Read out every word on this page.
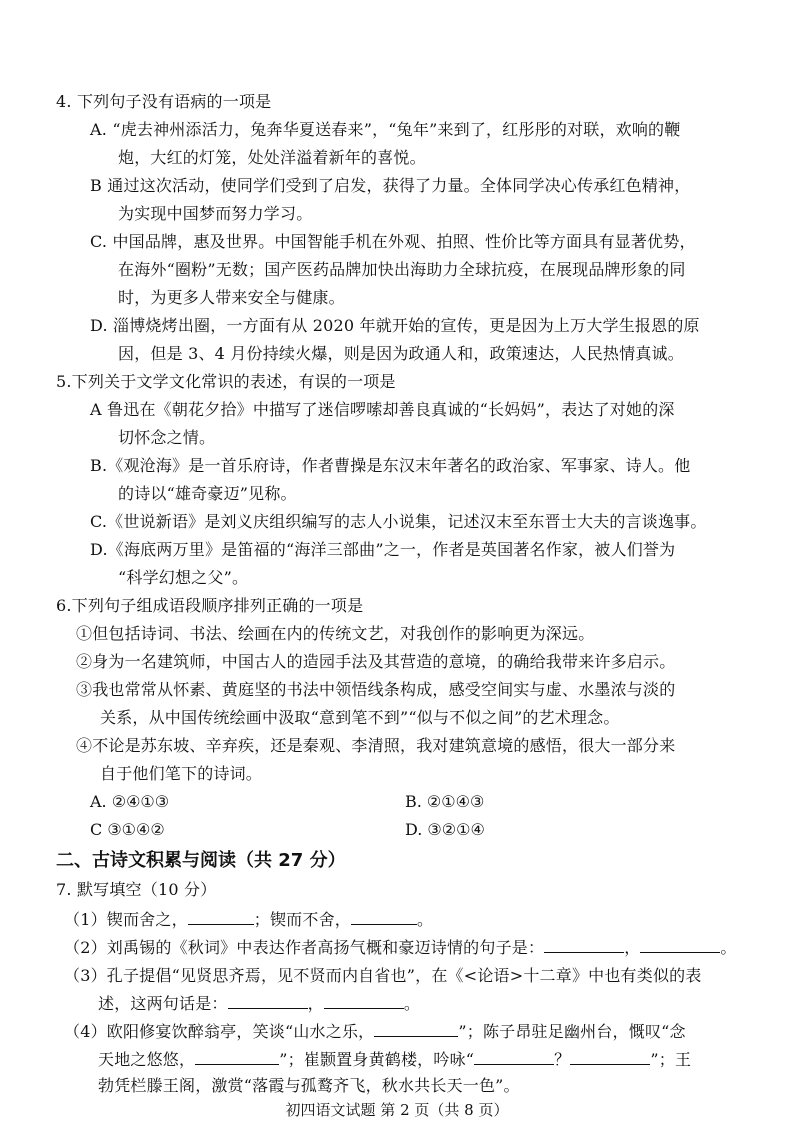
4. 下列句子没有语病的一项是
A. “虎去神州添活力，兔奔华夏送春来”，“兔年”来到了，红彤彤的对联，欢响的鞭
炮，大红的灯笼，处处洋溢着新年的喜悦。
B 通过这次活动，使同学们受到了启发，获得了力量。全体同学决心传承红色精神，
为实现中国梦而努力学习。
C. 中国品牌，惠及世界。中国智能手机在外观、拍照、性价比等方面具有显著优势，
在海外“圈粉”无数；国产医药品牌加快出海助力全球抗疫，在展现品牌形象的同
时，为更多人带来安全与健康。
D. 淄博烧烤出圈，一方面有从 2020 年就开始的宣传，更是因为上万大学生报恩的原
因，但是 3、4 月份持续火爆，则是因为政通人和，政策速达，人民热情真诚。
5.下列关于文学文化常识的表述，有误的一项是
A 鲁迅在《朝花夕拾》中描写了迷信啰嗦却善良真诚的“长妈妈”，表达了对她的深
切怀念之情。
B.《观沧海》是一首乐府诗，作者曹操是东汉末年著名的政治家、军事家、诗人。他
的诗以“雄奇豪迈”见称。
C.《世说新语》是刘义庆组织编写的志人小说集，记述汉末至东晋士大夫的言谈逸事。
D.《海底两万里》是笛福的“海洋三部曲”之一，作者是英国著名作家，被人们誉为
“科学幻想之父”。
6.下列句子组成语段顺序排列正确的一项是
①但包括诗词、书法、绘画在内的传统文艺，对我创作的影响更为深远。
②身为一名建筑师，中国古人的造园手法及其营造的意境，的确给我带来许多启示。
③我也常常从怀素、黄庭坚的书法中领悟线条构成，感受空间实与虚、水墨浓与淡的
关系，从中国传统绘画中汲取“意到笔不到”“似与不似之间”的艺术理念。
④不论是苏东坡、辛弃疾，还是秦观、李清照，我对建筑意境的感悟，很大一部分来
自于他们笔下的诗词。
A. ②④①③	B. ②①④③
C ③①④②	D. ③②①④
二、古诗文积累与阅读（共 27 分）
7. 默写填空（10 分）
（1）锲而舍之，	；锲而不舍，	。
（2）刘禹锡的《秋词》中表达作者高扬气概和豪迈诗情的句子是：	，	。
（3）孔子提倡“见贤思齐焉，见不贤而内自省也”，在《<论语>十二章》中也有类似的表
述，这两句话是：	，	。
（4）欧阳修宴饮醉翁亭，笑谈“山水之乐，	”；陈子昂驻足幽州台，慨叹“念
天地之悠悠，	”；崔颢置身黄鹤楼，吟咏“	？	”；王
勃凭栏滕王阁，激赏“落霞与孤鹜齐飞，秋水共长天一色”。
初四语文试题 第 2 页（共 8 页）
